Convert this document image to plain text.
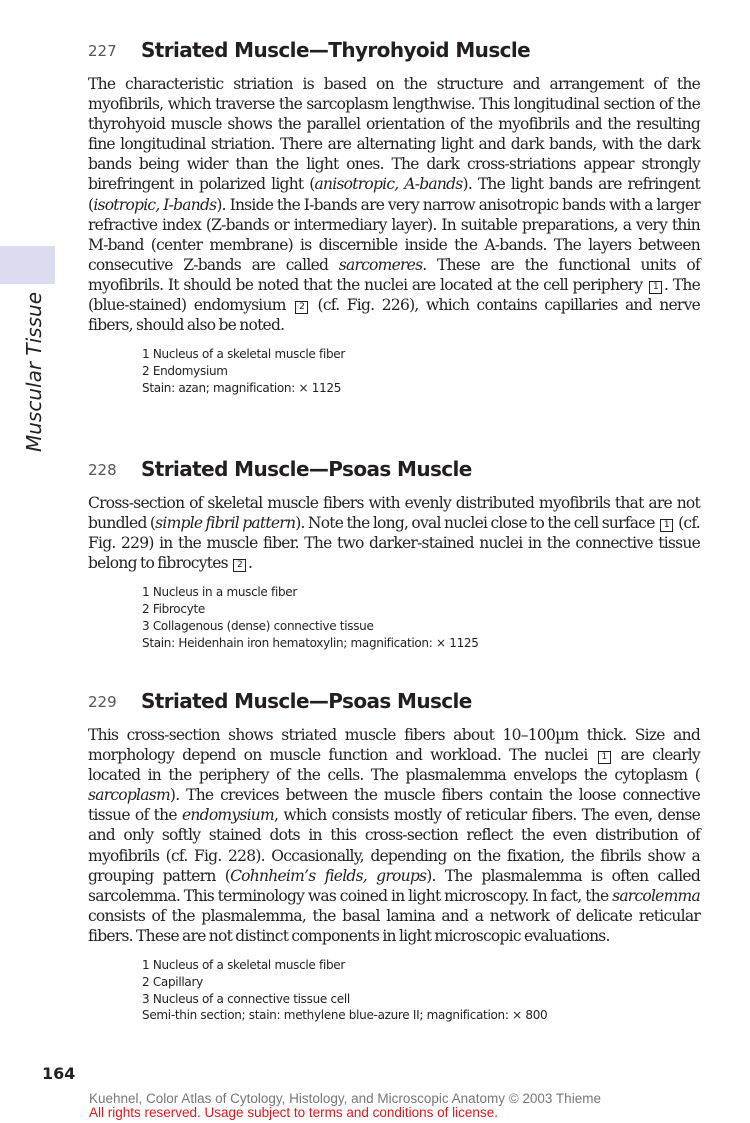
Muscular Tissue
227 Striated Muscle—Thyrohyoid Muscle
The characteristic striation is based on the structure and arrangement of the myofibrils, which traverse the sarcoplasm lengthwise. This longitudinal section of the thyrohyoid muscle shows the parallel orientation of the myofibrils and the resulting fine longitudinal striation. There are alternating light and dark bands, with the dark bands being wider than the light ones. The dark cross-striations appear strongly birefringent in polarized light (anisotropic, A-bands). The light bands are refringent (isotropic, I-bands). Inside the I-bands are very narrow anisotropic bands with a larger refractive index (Z-bands or intermediary layer). In suitable preparations, a very thin M-band (center membrane) is discernible inside the A-bands. The layers between consecutive Z-bands are called sarcomeres. These are the functional units of myofibrils. It should be noted that the nuclei are located at the cell periphery 1 . The (blue-stained) endomysium 2 (cf. Fig. 226), which contains capillaries and nerve fibers, should also be noted.
1 Nucleus of a skeletal muscle fiber
2 Endomysium
Stain: azan; magnification: × 1125
228 Striated Muscle—Psoas Muscle
Cross-section of skeletal muscle fibers with evenly distributed myofibrils that are not bundled (simple fibril pattern). Note the long, oval nuclei close to the cell surface 1 (cf. Fig. 229) in the muscle fiber. The two darker-stained nuclei in the connective tissue belong to fibrocytes 2 .
1 Nucleus in a muscle fiber
2 Fibrocyte
3 Collagenous (dense) connective tissue
Stain: Heidenhain iron hematoxylin; magnification: × 1125
229 Striated Muscle—Psoas Muscle
This cross-section shows striated muscle fibers about 10–100µm thick. Size and morphology depend on muscle function and workload. The nuclei 1 are clearly located in the periphery of the cells. The plasmalemma envelops the cytoplasm ( sarcoplasm). The crevices between the muscle fibers contain the loose connective tissue of the endomysium, which consists mostly of reticular fibers. The even, dense and only softly stained dots in this cross-section reflect the even distribution of myofibrils (cf. Fig. 228). Occasionally, depending on the fixation, the fibrils show a grouping pattern (Cohnheim’s fields, groups). The plasmalemma is often called sarcolemma. This terminology was coined in light microscopy. In fact, the sarcolemma consists of the plasmalemma, the basal lamina and a network of delicate reticular fibers. These are not distinct components in light microscopic evaluations.
1 Nucleus of a skeletal muscle fiber
2 Capillary
3 Nucleus of a connective tissue cell
Semi-thin section; stain: methylene blue-azure II; magnification: × 800
164
Kuehnel, Color Atlas of Cytology, Histology, and Microscopic Anatomy © 2003 Thieme
All rights reserved. Usage subject to terms and conditions of license.
